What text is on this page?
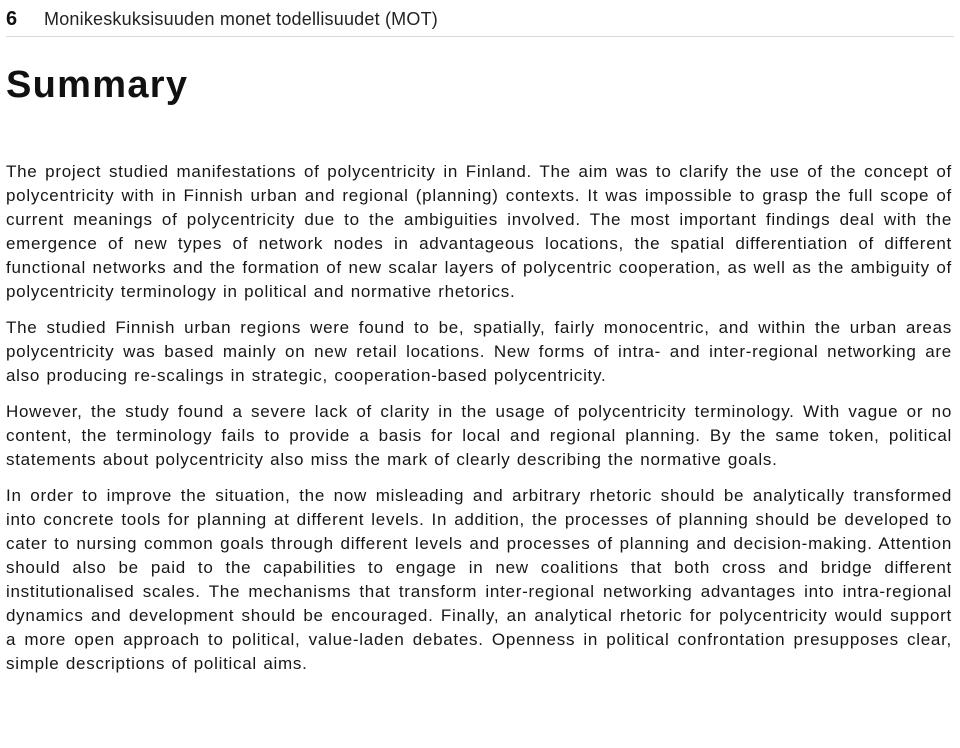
6	Monikeskuksisuuden monet todellisuudet (MOT)
Summary

The project studied manifestations of polycentricity in Finland. The aim was to clarify the use of the concept of polycentricity with in Finnish urban and regional (planning) contexts. It was impossible to grasp the full scope of current meanings of polycentricity due to the ambiguities involved. The most important findings deal with the emergence of new types of network nodes in advantageous locations, the spatial differentiation of different functional networks and the formation of new scalar layers of polycentric cooperation, as well as the ambiguity of polycentricity terminology in political and normative rhetorics.

The studied Finnish urban regions were found to be, spatially, fairly monocentric, and within the urban areas polycentricity was based mainly on new retail locations. New forms of intra- and inter-regional networking are also producing re-scalings in strategic, cooperation-based polycentricity.

However, the study found a severe lack of clarity in the usage of polycentricity terminology. With vague or no content, the terminology fails to provide a basis for local and regional planning. By the same token, political statements about polycentricity also miss the mark of clearly describing the normative goals.

In order to improve the situation, the now misleading and arbitrary rhetoric should be analytically transformed into concrete tools for planning at different levels. In addition, the processes of planning should be developed to cater to nursing common goals through different levels and processes of planning and decision-making. Attention should also be paid to the capabilities to engage in new coalitions that both cross and bridge different institutionalised scales. The mechanisms that transform inter-regional networking advantages into intra-regional dynamics and development should be encouraged. Finally, an analytical rhetoric for polycentricity would support a more open approach to political, value-laden debates. Openness in political confrontation presupposes clear, simple descriptions of political aims.
